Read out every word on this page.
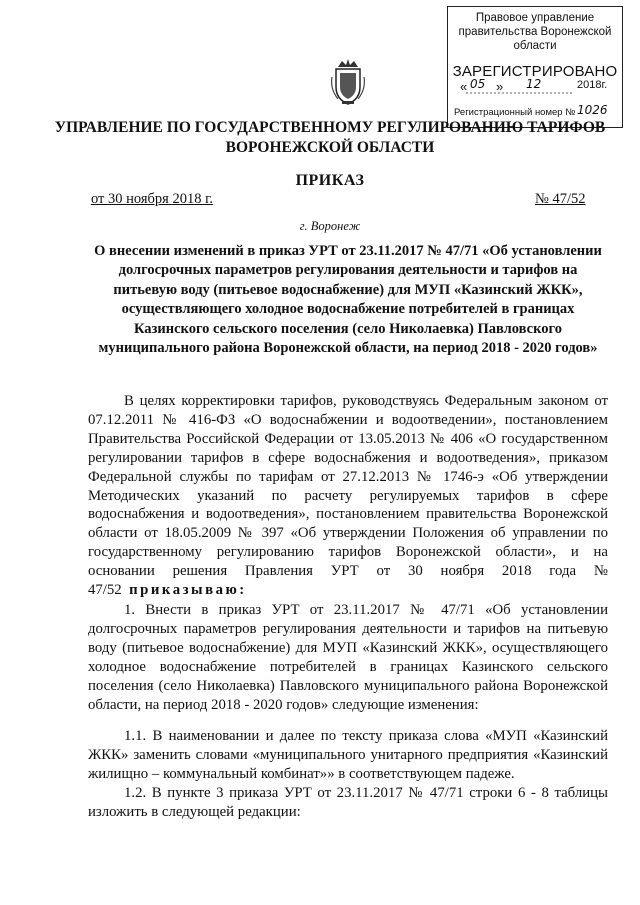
Правовое управление правительства Воронежской области
ЗАРЕГИСТРИРОВАНО
« 05 » 12	2018г.
Регистрационный номер № 1026
УПРАВЛЕНИЕ ПО ГОСУДАРСТВЕННОМУ РЕГУЛИРОВАНИЮ ТАРИФОВ ВОРОНЕЖСКОЙ ОБЛАСТИ
ПРИКАЗ
от 30 ноября 2018 г.	№ 47/52
г. Воронеж
О внесении изменений в приказ УРТ от 23.11.2017 № 47/71 «Об установлении долгосрочных параметров регулирования деятельности и тарифов на питьевую воду (питьевое водоснабжение) для МУП «Казинский ЖКК», осуществляющего холодное водоснабжение потребителей в границах Казинского сельского поселения (село Николаевка) Павловского муниципального района Воронежской области, на период 2018 - 2020 годов»

В целях корректировки тарифов, руководствуясь Федеральным законом от 07.12.2011 № 416-ФЗ «О водоснабжении и водоотведении», постановлением Правительства Российской Федерации от 13.05.2013 № 406 «О государственном регулировании тарифов в сфере водоснабжения и водоотведения», приказом Федеральной службы по тарифам от 27.12.2013 № 1746-э «Об утверждении Методических указаний по расчету регулируемых тарифов в сфере водоснабжения и водоотведения», постановлением правительства Воронежской области от 18.05.2009 № 397 «Об утверждении Положения об управлении по государственному регулированию тарифов Воронежской области», и на основании решения Правления УРТ от 30 ноября 2018 года № 47/52 приказываю:

1. Внести в приказ УРТ от 23.11.2017 № 47/71 «Об установлении долгосрочных параметров регулирования деятельности и тарифов на питьевую воду (питьевое водоснабжение) для МУП «Казинский ЖКК», осуществляющего холодное водоснабжение потребителей в границах Казинского сельского поселения (село Николаевка) Павловского муниципального района Воронежской области, на период 2018 - 2020 годов» следующие изменения:

1.1. В наименовании и далее по тексту приказа слова «МУП «Казинский ЖКК» заменить словами «муниципального унитарного предприятия «Казинский жилищно – коммунальный комбинат»» в соответствующем падеже.

1.2. В пункте 3 приказа УРТ от 23.11.2017 № 47/71 строки 6 - 8 таблицы изложить в следующей редакции:
